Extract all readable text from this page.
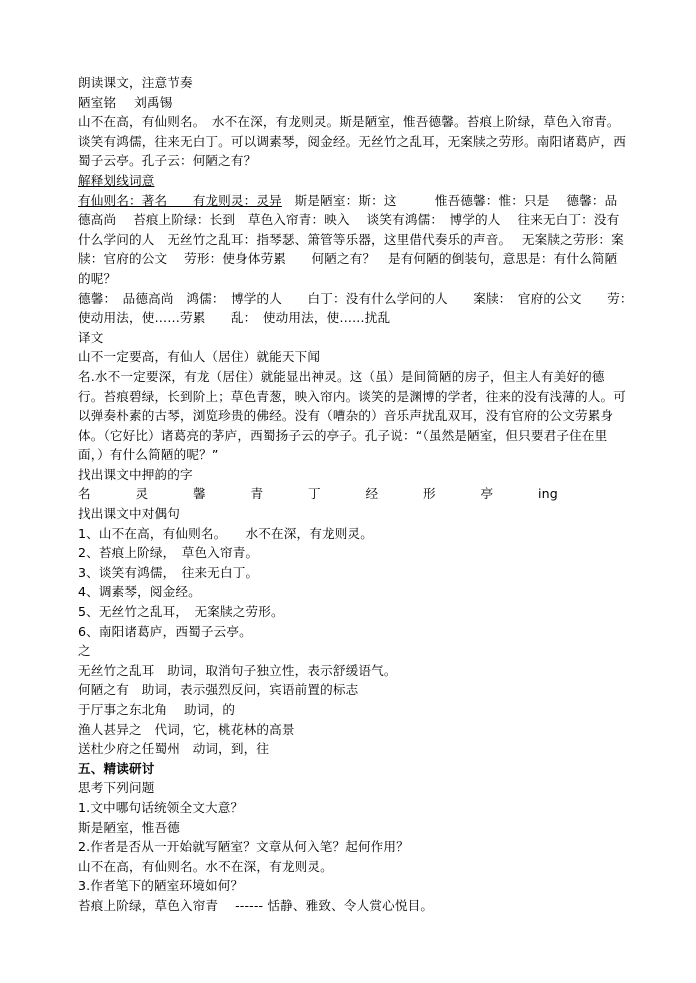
朗读课文，注意节奏
陋室铭 刘禹锡
山不在高，有仙则名。　水不在深，有龙则灵。斯是陋室，惟吾德馨。苔痕上阶绿，草色入帘青。谈笑有鸿儒，往来无白丁。可以调素琴，阅金经。无丝竹之乱耳，无案牍之劳形。南阳诸葛庐，西蜀子云亭。孔子云：何陋之有？
解释划线词意
有仙则名：著名　　有龙则灵：灵异　斯是陋室：斯：这　　　惟吾德馨：惟：只是　 德馨：品德高尚　 苔痕上阶绿：长到　草色入帘青：映入　 谈笑有鸿儒：　博学的人　 往来无白丁：没有什么学问的人　无丝竹之乱耳：指琴瑟、箫管等乐器，这里借代奏乐的声音。　 无案牍之劳形：案牍：官府的公文　 劳形：使身体劳累　　何陋之有？　是有何陋的倒装句，意思是：有什么简陋的呢？
德馨：　品德高尚　鸿儒：　博学的人　　白丁：没有什么学问的人　　案牍：　官府的公文　　劳：　使动用法，使……劳累　　乱：　使动用法，使……扰乱
译文
山不一定要高，有仙人（居住）就能天下闻
名.水不一定要深，有龙（居住）就能显出神灵。这（虽）是间简陋的房子，但主人有美好的德行。苔痕碧绿，长到阶上；草色青葱，映入帘内。谈笑的是渊博的学者，往来的没有浅薄的人。可以弹奏朴素的古琴，浏览珍贵的佛经。没有（嘈杂的）音乐声扰乱双耳，没有官府的公文劳累身体。（它好比）诸葛亮的茅庐，西蜀扬子云的亭子。孔子说：“（虽然是陋室，但只要君子住在里面，）有什么简陋的呢？”
找出课文中押韵的字
名	灵	馨	青	丁	经	形	亭	ing
找出课文中对偶句
1、山不在高，有仙则名。　　水不在深，有龙则灵。
2、苔痕上阶绿，　草色入帘青。
3、谈笑有鸿儒，　往来无白丁。
4、调素琴，阅金经。
5、无丝竹之乱耳，　无案牍之劳形。
6、南阳诸葛庐，西蜀子云亭。
之
无丝竹之乱耳　助词，取消句子独立性，表示舒缓语气。
何陋之有　助词，表示强烈反问，宾语前置的标志
于厅事之东北角　 助词，的
渔人甚异之　代词，它，桃花林的高景
送杜少府之任蜀州　动词，到，往
五、精读研讨
思考下列问题
1.文中哪句话统领全文大意？
斯是陋室，惟吾德
2.作者是否从一开始就写陋室？文章从何入笔？起何作用？
山不在高，有仙则名。水不在深，有龙则灵。
3.作者笔下的陋室环境如何？
苔痕上阶绿，草色入帘青　 ------ 恬静、雅致、令人赏心悦目。
